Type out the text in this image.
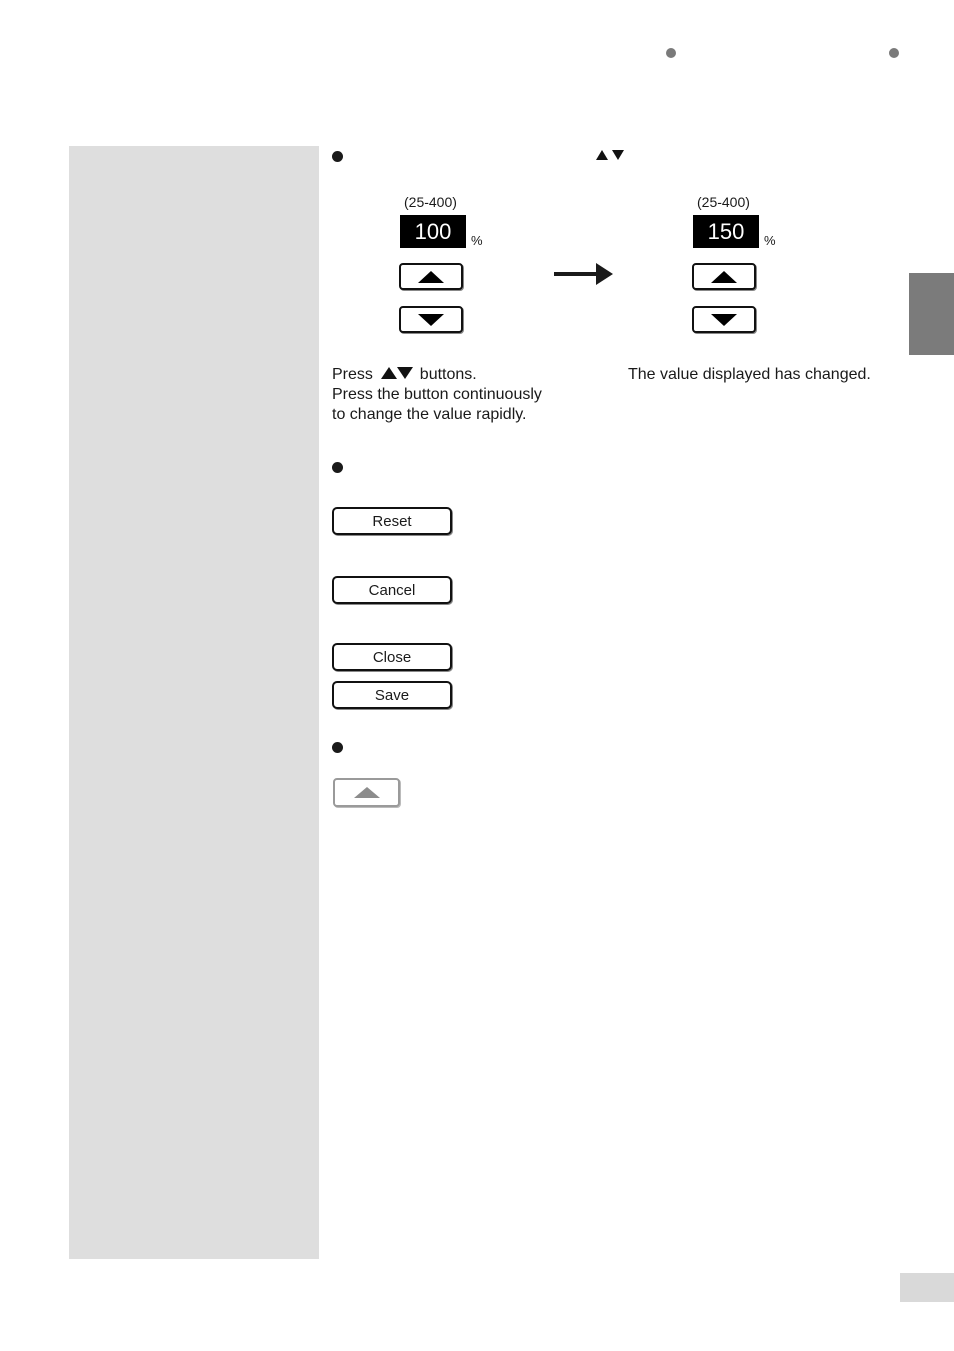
(25-400)
100	%
(25-400)
150	%
Press	buttons.
Press the button continuously
to change the value rapidly.
The value displayed has changed.
Reset
Cancel
Close
Save
